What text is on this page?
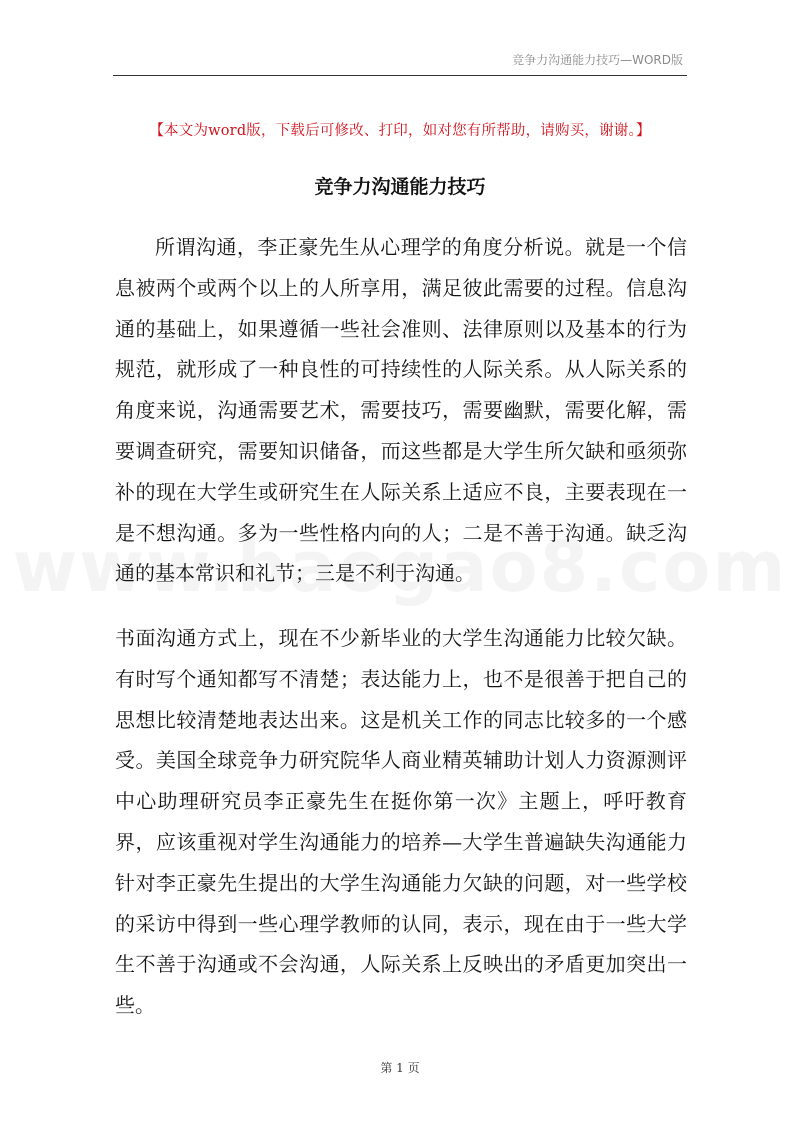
竞争力沟通能力技巧—WORD版
【本文为word版，下载后可修改、打印，如对您有所帮助，请购买，谢谢。】
竞争力沟通能力技巧

所谓沟通，李正豪先生从心理学的角度分析说。就是一个信息被两个或两个以上的人所享用，满足彼此需要的过程。信息沟通的基础上，如果遵循一些社会准则、法律原则以及基本的行为规范，就形成了一种良性的可持续性的人际关系。从人际关系的角度来说，沟通需要艺术，需要技巧，需要幽默，需要化解，需要调查研究，需要知识储备，而这些都是大学生所欠缺和亟须弥补的现在大学生或研究生在人际关系上适应不良，主要表现在一是不想沟通。多为一些性格内向的人；二是不善于沟通。缺乏沟通的基本常识和礼节；三是不利于沟通。

书面沟通方式上，现在不少新毕业的大学生沟通能力比较欠缺。有时写个通知都写不清楚；表达能力上，也不是很善于把自己的思想比较清楚地表达出来。这是机关工作的同志比较多的一个感受。美国全球竞争力研究院华人商业精英辅助计划人力资源测评中心助理研究员李正豪先生在挺你第一次》主题上，呼吁教育界，应该重视对学生沟通能力的培养—大学生普遍缺失沟通能力针对李正豪先生提出的大学生沟通能力欠缺的问题，对一些学校的采访中得到一些心理学教师的认同，表示，现在由于一些大学生不善于沟通或不会沟通，人际关系上反映出的矛盾更加突出一些。

第 1 页
